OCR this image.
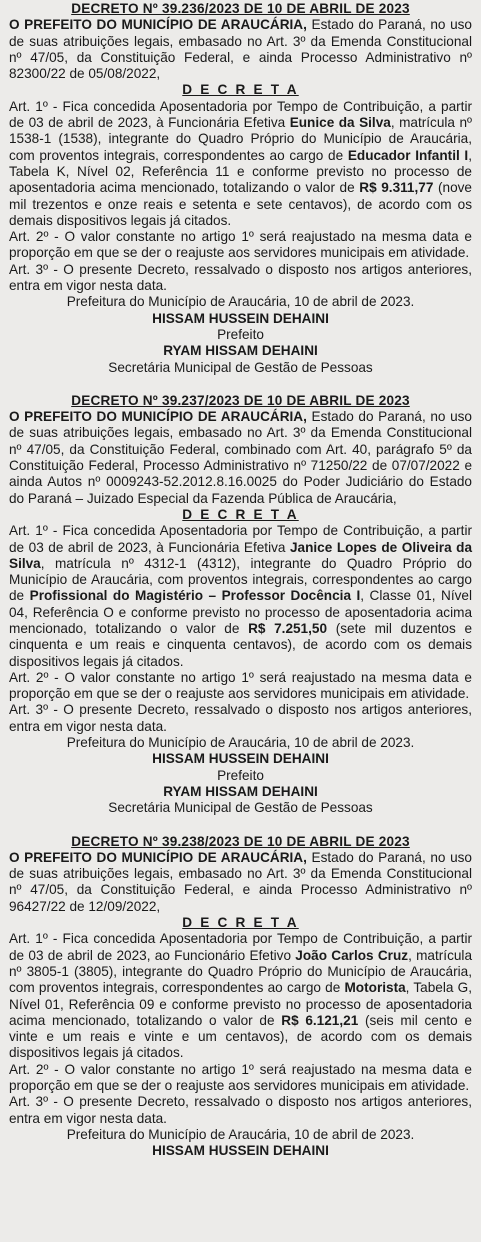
DECRETO Nº 39.236/2023 DE 10 DE ABRIL DE 2023
O PREFEITO DO MUNICÍPIO DE ARAUCÁRIA, Estado do Paraná, no uso de suas atribuições legais, embasado no Art. 3º da Emenda Constitucional nº 47/05, da Constituição Federal, e ainda Processo Administrativo nº 82300/22 de 05/08/2022,
D E C R E T A
Art. 1º - Fica concedida Aposentadoria por Tempo de Contribuição, a partir de 03 de abril de 2023, à Funcionária Efetiva Eunice da Silva, matrícula nº 1538-1 (1538), integrante do Quadro Próprio do Município de Araucária, com proventos integrais, correspondentes ao cargo de Educador Infantil I, Tabela K, Nível 02, Referência 11 e conforme previsto no processo de aposentadoria acima mencionado, totalizando o valor de R$ 9.311,77 (nove mil trezentos e onze reais e setenta e sete centavos), de acordo com os demais dispositivos legais já citados.
Art. 2º - O valor constante no artigo 1º será reajustado na mesma data e proporção em que se der o reajuste aos servidores municipais em atividade.
Art. 3º - O presente Decreto, ressalvado o disposto nos artigos anteriores, entra em vigor nesta data.
Prefeitura do Município de Araucária, 10 de abril de 2023.
HISSAM HUSSEIN DEHAINI
Prefeito
RYAM HISSAM DEHAINI
Secretária Municipal de Gestão de Pessoas
DECRETO Nº 39.237/2023 DE 10 DE ABRIL DE 2023
O PREFEITO DO MUNICÍPIO DE ARAUCÁRIA, Estado do Paraná, no uso de suas atribuições legais, embasado no Art. 3º da Emenda Constitucional nº 47/05, da Constituição Federal, combinado com Art. 40, parágrafo 5º da Constituição Federal, Processo Administrativo nº 71250/22 de 07/07/2022 e ainda Autos nº 0009243-52.2012.8.16.0025 do Poder Judiciário do Estado do Paraná – Juizado Especial da Fazenda Pública de Araucária,
D E C R E T A
Art. 1º - Fica concedida Aposentadoria por Tempo de Contribuição, a partir de 03 de abril de 2023, à Funcionária Efetiva Janice Lopes de Oliveira da Silva, matrícula nº 4312-1 (4312), integrante do Quadro Próprio do Município de Araucária, com proventos integrais, correspondentes ao cargo de Profissional do Magistério – Professor Docência I, Classe 01, Nível 04, Referência O e conforme previsto no processo de aposentadoria acima mencionado, totalizando o valor de R$ 7.251,50 (sete mil duzentos e cinquenta e um reais e cinquenta centavos), de acordo com os demais dispositivos legais já citados.
Art. 2º - O valor constante no artigo 1º será reajustado na mesma data e proporção em que se der o reajuste aos servidores municipais em atividade.
Art. 3º - O presente Decreto, ressalvado o disposto nos artigos anteriores, entra em vigor nesta data.
Prefeitura do Município de Araucária, 10 de abril de 2023.
HISSAM HUSSEIN DEHAINI
Prefeito
RYAM HISSAM DEHAINI
Secretária Municipal de Gestão de Pessoas
DECRETO Nº 39.238/2023 DE 10 DE ABRIL DE 2023
O PREFEITO DO MUNICÍPIO DE ARAUCÁRIA, Estado do Paraná, no uso de suas atribuições legais, embasado no Art. 3º da Emenda Constitucional nº 47/05, da Constituição Federal, e ainda Processo Administrativo nº 96427/22 de 12/09/2022,
D E C R E T A
Art. 1º - Fica concedida Aposentadoria por Tempo de Contribuição, a partir de 03 de abril de 2023, ao Funcionário Efetivo João Carlos Cruz, matrícula nº 3805-1 (3805), integrante do Quadro Próprio do Município de Araucária, com proventos integrais, correspondentes ao cargo de Motorista, Tabela G, Nível 01, Referência 09 e conforme previsto no processo de aposentadoria acima mencionado, totalizando o valor de R$ 6.121,21 (seis mil cento e vinte e um reais e vinte e um centavos), de acordo com os demais dispositivos legais já citados.
Art. 2º - O valor constante no artigo 1º será reajustado na mesma data e proporção em que se der o reajuste aos servidores municipais em atividade.
Art. 3º - O presente Decreto, ressalvado o disposto nos artigos anteriores, entra em vigor nesta data.
Prefeitura do Município de Araucária, 10 de abril de 2023.
HISSAM HUSSEIN DEHAINI
